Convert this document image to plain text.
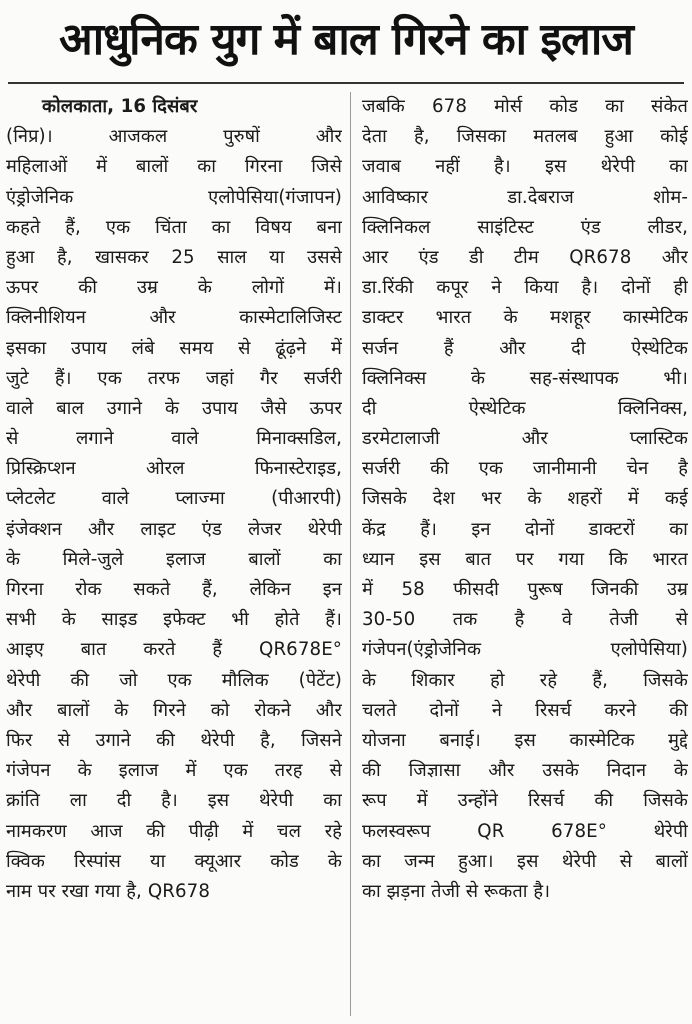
आधुनिक युग में बाल गिरने का इलाज
कोलकाता, 16 दिसंबर
(निप्र)। आजकल पुरुषों और
महिलाओं में बालों का गिरना जिसे
एंड्रोजेनिक एलोपेसिया(गंजापन)
कहते हैं, एक चिंता का विषय बना
हुआ है, खासकर 25 साल या उससे
ऊपर की उम्र के लोगों में।
क्लिनीशियन और कास्मेटालिजिस्ट
इसका उपाय लंबे समय से ढूंढ़ने में
जुटे हैं। एक तरफ जहां गैर सर्जरी
वाले बाल उगाने के उपाय जैसे ऊपर
से लगाने वाले मिनाक्सडिल,
प्रिस्क्रिप्शन ओरल फिनास्टेराइड,
प्लेटलेट वाले प्लाज्मा (पीआरपी)
इंजेक्शन और लाइट एंड लेजर थेरेपी
के मिले-जुले इलाज बालों का
गिरना रोक सकते हैं, लेकिन इन
सभी के साइड इफेक्ट भी होते हैं।
आइए बात करते हैं QR678E°
थेरेपी की जो एक मौलिक (पेटेंट)
और बालों के गिरने को रोकने और
फिर से उगाने की थेरेपी है, जिसने
गंजेपन के इलाज में एक तरह से
क्रांति ला दी है। इस थेरेपी का
नामकरण आज की पीढ़ी में चल रहे
क्विक रिस्पांस या क्यूआर कोड के
नाम पर रखा गया है, QR678
जबकि 678 मोर्स कोड का संकेत
देता है, जिसका मतलब हुआ कोई
जवाब नहीं है। इस थेरेपी का
आविष्कार डा.देबराज शोम-
क्लिनिकल साइंटिस्ट एंड लीडर,
आर एंड डी टीम QR678 और
डा.रिंकी कपूर ने किया है। दोनों ही
डाक्टर भारत के मशहूर कास्मेटिक
सर्जन हैं और दी ऐस्थेटिक
क्लिनिक्स के सह-संस्थापक भी।
दी ऐस्थेटिक क्लिनिक्स,
डरमेटालाजी और प्लास्टिक
सर्जरी की एक जानीमानी चेन है
जिसके देश भर के शहरों में कई
केंद्र हैं। इन दोनों डाक्टरों का
ध्यान इस बात पर गया कि भारत
में 58 फीसदी पुरूष जिनकी उम्र
30-50 तक है वे तेजी से
गंजेपन(एंड्रोजेनिक एलोपेसिया)
के शिकार हो रहे हैं, जिसके
चलते दोनों ने रिसर्च करने की
योजना बनाई। इस कास्मेटिक मुद्दे
की जिज्ञासा और उसके निदान के
रूप में उन्होंने रिसर्च की जिसके
फलस्वरूप QR 678E° थेरेपी
का जन्म हुआ। इस थेरेपी से बालों
का झड़ना तेजी से रूकता है।
